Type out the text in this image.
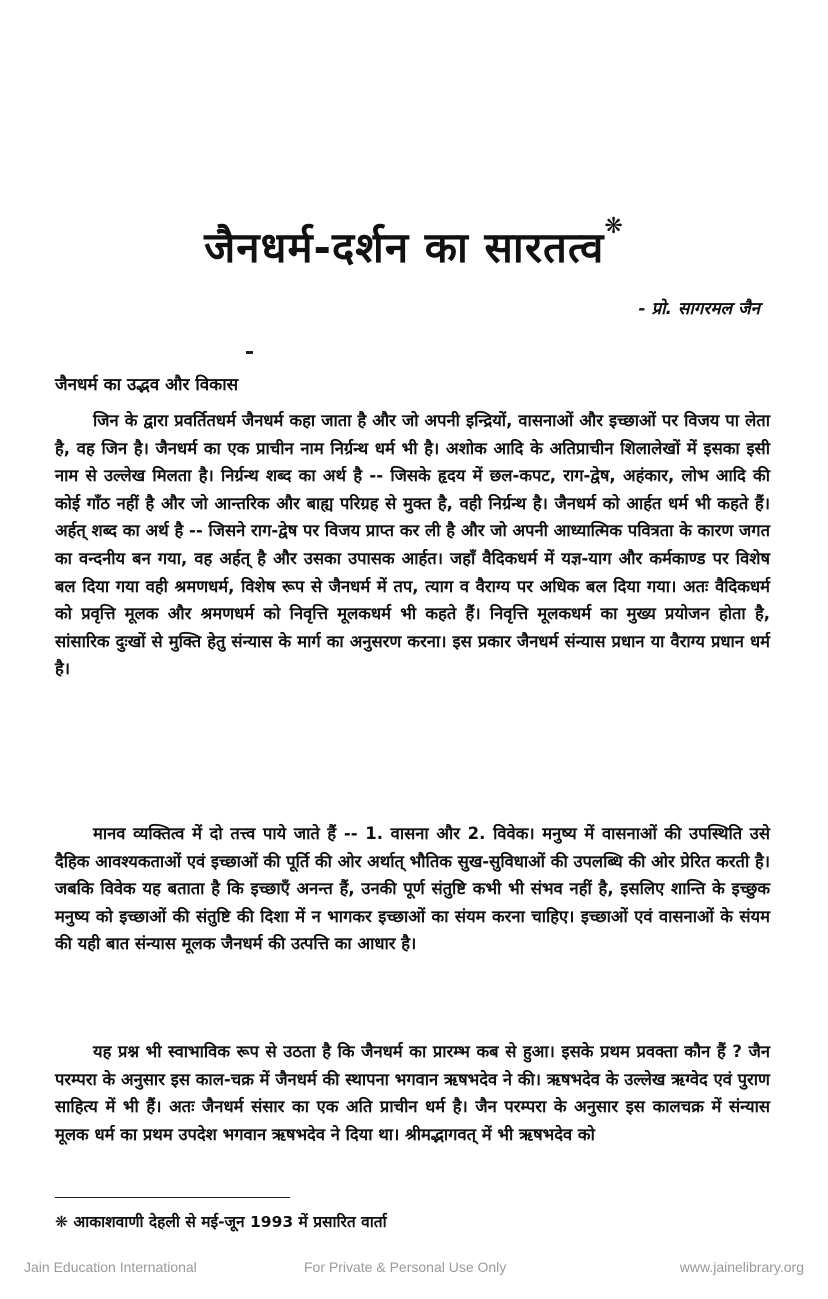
जैनधर्म-दर्शन का सारतत्व❋
- प्रो. सागरमल जैन
जैनधर्म का उद्भव और विकास

जिन के द्वारा प्रवर्तितधर्म जैनधर्म कहा जाता है और जो अपनी इन्द्रियों, वासनाओं और इच्छाओं पर विजय पा लेता है, वह जिन है। जैनधर्म का एक प्राचीन नाम निर्ग्रन्थ धर्म भी है। अशोक आदि के अतिप्राचीन शिलालेखों में इसका इसी नाम से उल्लेख मिलता है। निर्ग्रन्थ शब्द का अर्थ है -- जिसके हृदय में छल-कपट, राग-द्वेष, अहंकार, लोभ आदि की कोई गाँठ नहीं है और जो आन्तरिक और बाह्य परिग्रह से मुक्त है, वही निर्ग्रन्थ है। जैनधर्म को आर्हत धर्म भी कहते हैं। अर्हत् शब्द का अर्थ है -- जिसने राग-द्वेष पर विजय प्राप्त कर ली है और जो अपनी आध्यात्मिक पवित्रता के कारण जगत का वन्दनीय बन गया, वह अर्हत् है और उसका उपासक आर्हत। जहाँ वैदिकधर्म में यज्ञ-याग और कर्मकाण्ड पर विशेष बल दिया गया वही श्रमणधर्म, विशेष रूप से जैनधर्म में तप, त्याग व वैराग्य पर अधिक बल दिया गया। अतः वैदिकधर्म को प्रवृत्ति मूलक और श्रमणधर्म को निवृत्ति मूलकधर्म भी कहते हैं। निवृत्ति मूलकधर्म का मुख्य प्रयोजन होता है, सांसारिक दुःखों से मुक्ति हेतु संन्यास के मार्ग का अनुसरण करना। इस प्रकार जैनधर्म संन्यास प्रधान या वैराग्य प्रधान धर्म है।

मानव व्यक्तित्व में दो तत्त्व पाये जाते हैं -- 1. वासना और 2. विवेक। मनुष्य में वासनाओं की उपस्थिति उसे दैहिक आवश्यकताओं एवं इच्छाओं की पूर्ति की ओर अर्थात् भौतिक सुख-सुविधाओं की उपलब्धि की ओर प्रेरित करती है। जबकि विवेक यह बताता है कि इच्छाएँ अनन्त हैं, उनकी पूर्ण संतुष्टि कभी भी संभव नहीं है, इसलिए शान्ति के इच्छुक मनुष्य को इच्छाओं की संतुष्टि की दिशा में न भागकर इच्छाओं का संयम करना चाहिए। इच्छाओं एवं वासनाओं के संयम की यही बात संन्यास मूलक जैनधर्म की उत्पत्ति का आधार है।

यह प्रश्न भी स्वाभाविक रूप से उठता है कि जैनधर्म का प्रारम्भ कब से हुआ। इसके प्रथम प्रवक्ता कौन हैं ? जैन परम्परा के अनुसार इस काल-चक्र में जैनधर्म की स्थापना भगवान ऋषभदेव ने की। ऋषभदेव के उल्लेख ऋग्वेद एवं पुराण साहित्य में भी हैं। अतः जैनधर्म संसार का एक अति प्राचीन धर्म है। जैन परम्परा के अनुसार इस कालचक्र में संन्यास मूलक धर्म का प्रथम उपदेश भगवान ऋषभदेव ने दिया था। श्रीमद्भागवत् में भी ऋषभदेव को

❋ आकाशवाणी देहली से मई-जून 1993 में प्रसारित वार्ता
Jain Education International	For Private & Personal Use Only	www.jainelibrary.org
